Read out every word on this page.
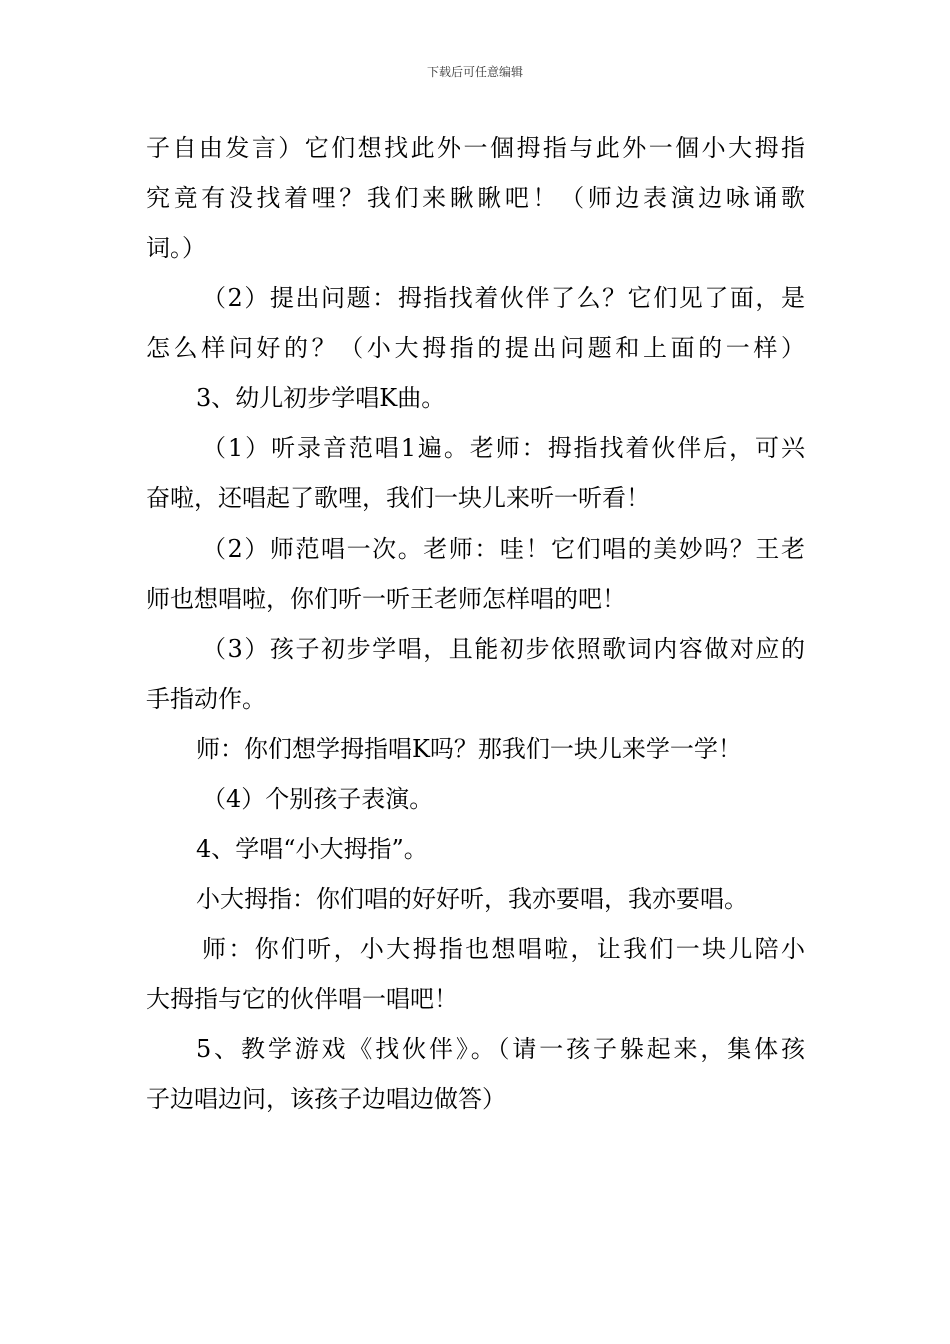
下载后可任意编辑
子自由发言）它们想找此外一個拇指与此外一個小大拇指
究竟有没找着哩？我们来瞅瞅吧！（师边表演边咏诵歌
词。）
（2）提出问题：拇指找着伙伴了么？它们见了面，是
怎么样问好的？（小大拇指的提出问题和上面的一样）
3、幼儿初步学唱K曲。
（1）听录音范唱1遍。老师：拇指找着伙伴后，可兴
奋啦，还唱起了歌哩，我们一块儿来听一听看！
（2）师范唱一次。老师：哇！它们唱的美妙吗？王老
师也想唱啦，你们听一听王老师怎样唱的吧！
（3）孩子初步学唱，且能初步依照歌词内容做对应的
手指动作。
师：你们想学拇指唱K吗？那我们一块儿来学一学！
（4）个别孩子表演。
4、学唱“小大拇指”。
小大拇指：你们唱的好好听，我亦要唱，我亦要唱。
师：你们听，小大拇指也想唱啦，让我们一块儿陪小
大拇指与它的伙伴唱一唱吧！
5、教学游戏《找伙伴》。（请一孩子躲起来，集体孩
子边唱边问，该孩子边唱边做答）
